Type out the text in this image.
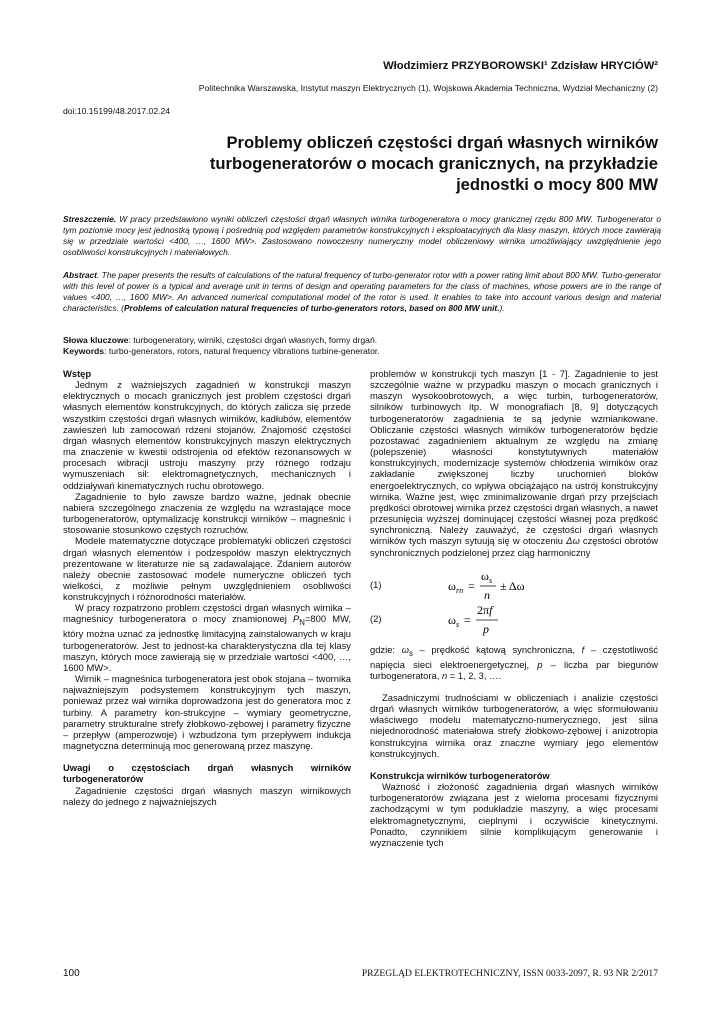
Włodzimierz PRZYBOROWSKI¹ Zdzisław HRYCIÓW²
Politechnika Warszawska, Instytut maszyn Elektrycznych (1), Wojskowa Akademia Techniczna, Wydział Mechaniczny (2)
doi:10.15199/48.2017.02.24
Problemy obliczeń częstości drgań własnych wirników
turbogeneratorów o mocach granicznych, na przykładzie
jednostki o mocy 800 MW
Streszczenie. W pracy przedstawiono wyniki obliczeń częstości drgań własnych wirnika turbogeneratora o mocy granicznej rzędu 800 MW. Turbogenerator o tym poziomie mocy jest jednostką typową i pośrednią pod względem parametrów konstrukcyjnych i eksploatacyjnych dla klasy maszyn, których moce zawierają się w przedziale wartości <400, …, 1600 MW>. Zastosowano nowoczesny numeryczny model obliczeniowy wirnika umożliwiający uwzględnienie jego osobliwości konstrukcyjnych i materiałowych.
Abstract. The paper presents the results of calculations of the natural frequency of turbo-generator rotor with a power rating limit about 800 MW. Turbo-generator with this level of power is a typical and average unit in terms of design and operating parameters for the class of machines, whose powers are in the range of values <400, …, 1600 MW>. An advanced numerical computational model of the rotor is used. It enables to take into account various design and material characteristics. (Problems of calculation natural frequencies of turbo-generators rotors, based on 800 MW unit.).
Słowa kluczowe: turbogeneratory, wirniki, częstości drgań własnych, formy drgań.
Keywords: turbo-generators, rotors, natural frequency vibrations turbine-generator.

Wstęp

Jednym z ważniejszych zagadnień w konstrukcji maszyn elektrycznych o mocach granicznych jest problem częstości drgań własnych elementów konstrukcyjnych, do których zalicza się przede wszystkim częstości drgań własnych wirników, kadłubów, elementów zawieszeń lub zamocowań rdzeni stojanów. Znajomość częstości drgań własnych elementów konstrukcyjnych maszyn elektrycznych ma znaczenie w kwestii odstrojenia od efektów rezonansowych w procesach wibracji ustroju maszyny przy różnego rodzaju wymuszeniach sił: elektromagnetycznych, mechanicznych i oddziaływań kinematycznych ruchu obrotowego.

Zagadnienie to było zawsze bardzo ważne, jednak obecnie nabiera szczególnego znaczenia ze względu na wzrastające moce turbogeneratorów, optymalizację konstrukcji wirników – magneśnic i stosowanie stosunkowo częstych rozruchów.

Modele matematyczne dotyczące problematyki obliczeń częstości drgań własnych elementów i podzespołów maszyn elektrycznych prezentowane w literaturze nie są zadawalające. Zdaniem autorów należy obecnie zastosować modele numeryczne obliczeń tych wielkości, z możliwie pełnym uwzględnieniem osobliwości konstrukcyjnych i różnorodności materiałów.

W pracy rozpatrzono problem częstości drgań własnych wirnika – magneśnicy turbogeneratora o mocy znamionowej $P_N=800$ MW, który można uznać za jednostkę limitacyjną zainstalowanych w kraju turbogeneratorów. Jest to jednost-ka charakterystyczna dla tej klasy maszyn, których moce zawierają się w przedziale wartości <400, …, 1600 MW>.

Wirnik – magneśnica turbogeneratora jest obok stojana – twornika najważniejszym podsystemem konstrukcyjnym tych maszyn, ponieważ przez wał wirnika doprowadzona jest do generatora moc z turbiny. A parametry kon-strukcyjne – wymiary geometryczne, parametry strukturalne strefy żłobkowo-zębowej i parametry fizyczne – przepływ (amperozwoje) i wzbudzona tym przepływem indukcja magnetyczna determinują moc generowaną przez maszynę.

Uwagi o częstościach drgań własnych wirników turbogeneratorów

Zagadnienie częstości drgań własnych maszyn wirnikowych należy do jednego z najważniejszych

problemów w konstrukcji tych maszyn [1 - 7]. Zagadnienie to jest szczególnie ważne w przypadku maszyn o mocach granicznych i maszyn wysokoobrotowych, a więc turbin, turbogeneratorów, silników turbinowych itp. W monografiach [8, 9] dotyczących turbogeneratorów zagadnienia te są jedynie wzmiankowane. Obliczanie częstości własnych wirników turbogeneratorów będzie pozostawać zagadnieniem aktualnym ze względu na zmianę (polepszenie) własności konstytutywnych materiałów konstrukcyjnych, modernizacje systemów chłodzenia wirników oraz zakładanie zwiększonej liczby uruchomień bloków energoelektrycznych, co wpływa obciążająco na ustrój konstrukcyjny wirnika. Ważne jest, więc zminimalizowanie drgań przy przejściach prędkości obrotowej wirnika przez częstości drgań własnych, a nawet przesunięcia wyższej dominującej częstości własnej poza prędkość synchroniczną. Należy zauważyć, że częstości drgań własnych wirników tych maszyn sytuują się w otoczeniu Δω częstości obrotów synchronicznych podzielonej przez ciąg harmoniczny

(1)	ω rn =
ω s
n
± Δω
(2)	ω s =
2πf
p

gdzie: $\omega_s$ – prędkość kątową synchroniczna, f – częstotliwość napięcia sieci elektroenergetycznej, p – liczba par biegunów turbogeneratora, n = 1, 2, 3, ….

Zasadniczymi trudnościami w obliczeniach i analizie częstości drgań własnych wirników turbogeneratorów, a więc sformułowaniu właściwego modelu matematyczno-numerycznego, jest silna niejednorodność materiałowa strefy żłobkowo-zębowej i anizotropia konstrukcyjna wirnika oraz znaczne wymiary jego elementów konstrukcyjnych.

Konstrukcja wirników turbogeneratorów

Ważność i złożoność zagadnienia drgań własnych wirników turbogeneratorów związana jest z wieloma procesami fizycznymi zachodzącymi w tym podukładzie maszyny, a więc procesami elektromagnetycznymi, cieplnymi i oczywiście kinetycznymi. Ponadto, czynnikiem silnie komplikującym generowanie i wyznaczenie tych

100	PRZEGLĄD ELEKTROTECHNICZNY, ISSN 0033-2097, R. 93 NR 2/2017
